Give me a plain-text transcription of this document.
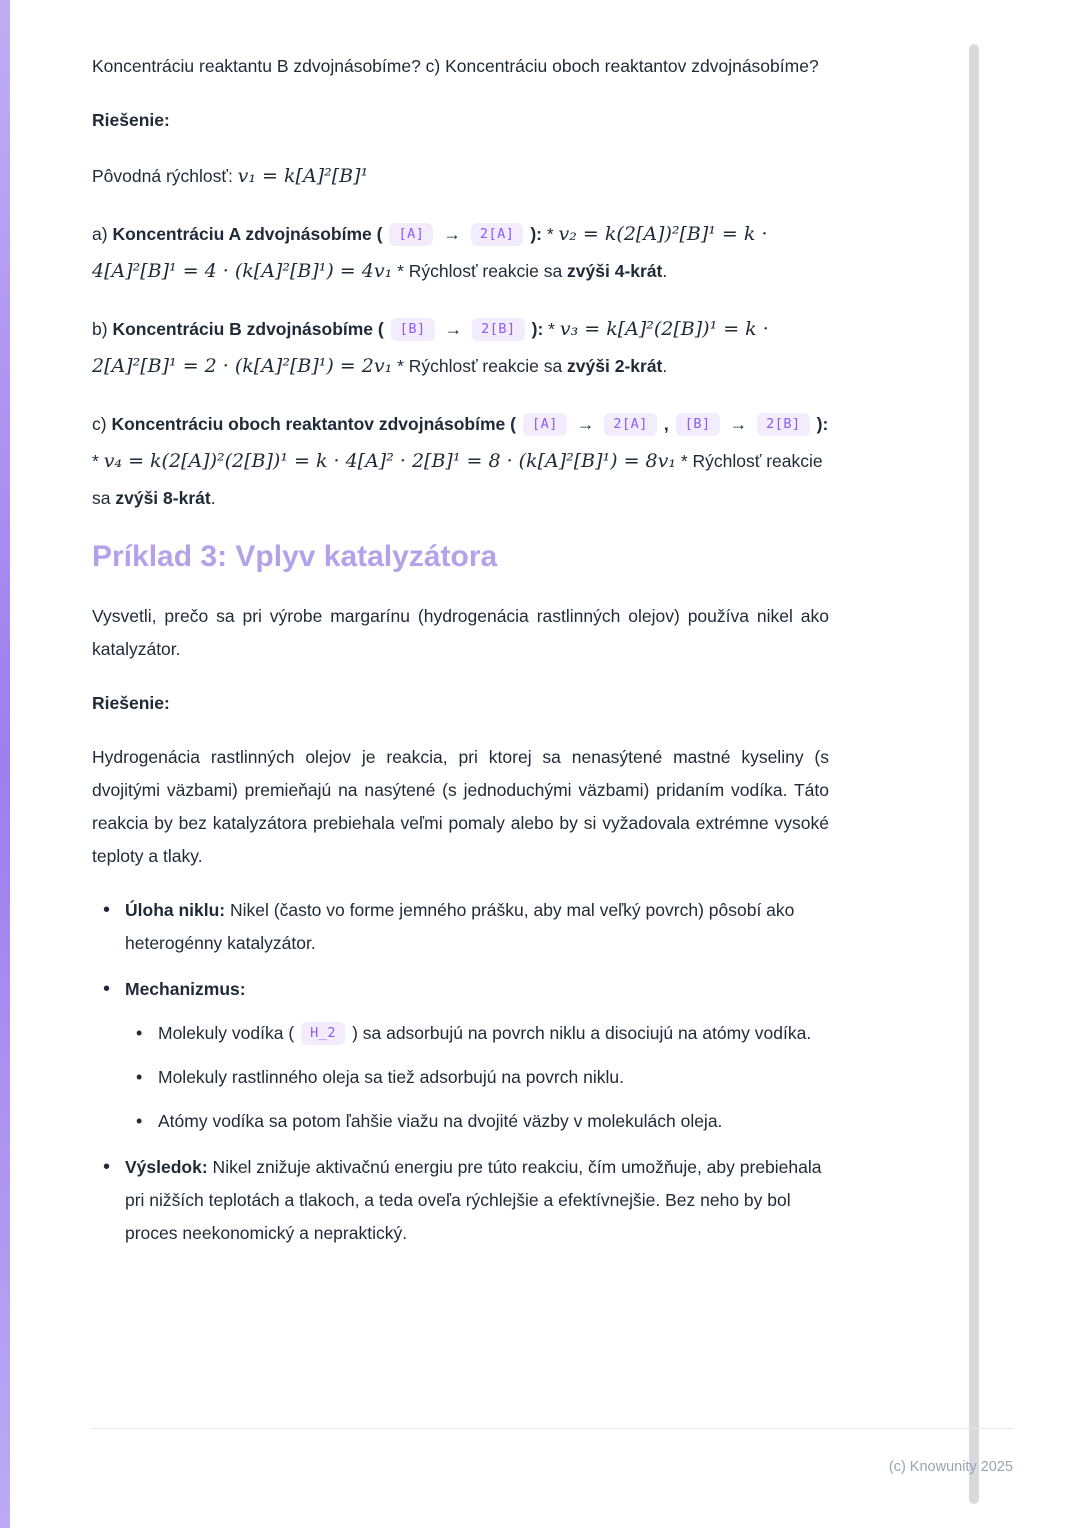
Koncentráciu reaktantu B zdvojnásobíme? c) Koncentráciu oboch reaktantov zdvojnásobíme?

Riešenie:

Pôvodná rýchlosť: v₁ = k[A]²[B]¹

a) Koncentráciu A zdvojnásobíme ( [A] → 2[A] ): * v₂ = k(2[A])²[B]¹ = k · 4[A]²[B]¹ = 4 · (k[A]²[B]¹) = 4v₁ * Rýchlosť reakcie sa zvýši 4-krát.

b) Koncentráciu B zdvojnásobíme ( [B] → 2[B] ): * v₃ = k[A]²(2[B])¹ = k · 2[A]²[B]¹ = 2 · (k[A]²[B]¹) = 2v₁ * Rýchlosť reakcie sa zvýši 2-krát.

c) Koncentráciu oboch reaktantov zdvojnásobíme ( [A] → 2[A] , [B] → 2[B] ): * v₄ = k(2[A])²(2[B])¹ = k · 4[A]² · 2[B]¹ = 8 · (k[A]²[B]¹) = 8v₁ * Rýchlosť reakcie sa zvýši 8-krát.

Príklad 3: Vplyv katalyzátora

Vysvetli, prečo sa pri výrobe margarínu (hydrogenácia rastlinných olejov) používa nikel ako katalyzátor.

Riešenie:

Hydrogenácia rastlinných olejov je reakcia, pri ktorej sa nenasýtené mastné kyseliny (s dvojitými väzbami) premieňajú na nasýtené (s jednoduchými väzbami) pridaním vodíka. Táto reakcia by bez katalyzátora prebiehala veľmi pomaly alebo by si vyžadovala extrémne vysoké teploty a tlaky.

• Úloha niklu: Nikel (často vo forme jemného prášku, aby mal veľký povrch) pôsobí ako heterogénny katalyzátor.
• Mechanizmus:
• Molekuly vodíka ( H_2 ) sa adsorbujú na povrch niklu a disociujú na atómy vodíka.
• Molekuly rastlinného oleja sa tiež adsorbujú na povrch niklu.
• Atómy vodíka sa potom ľahšie viažu na dvojité väzby v molekulách oleja.
• Výsledok: Nikel znižuje aktivačnú energiu pre túto reakciu, čím umožňuje, aby prebiehala pri nižších teplotách a tlakoch, a teda oveľa rýchlejšie a efektívnejšie. Bez neho by bol proces neekonomický a nepraktický.
(c) Knowunity 2025
